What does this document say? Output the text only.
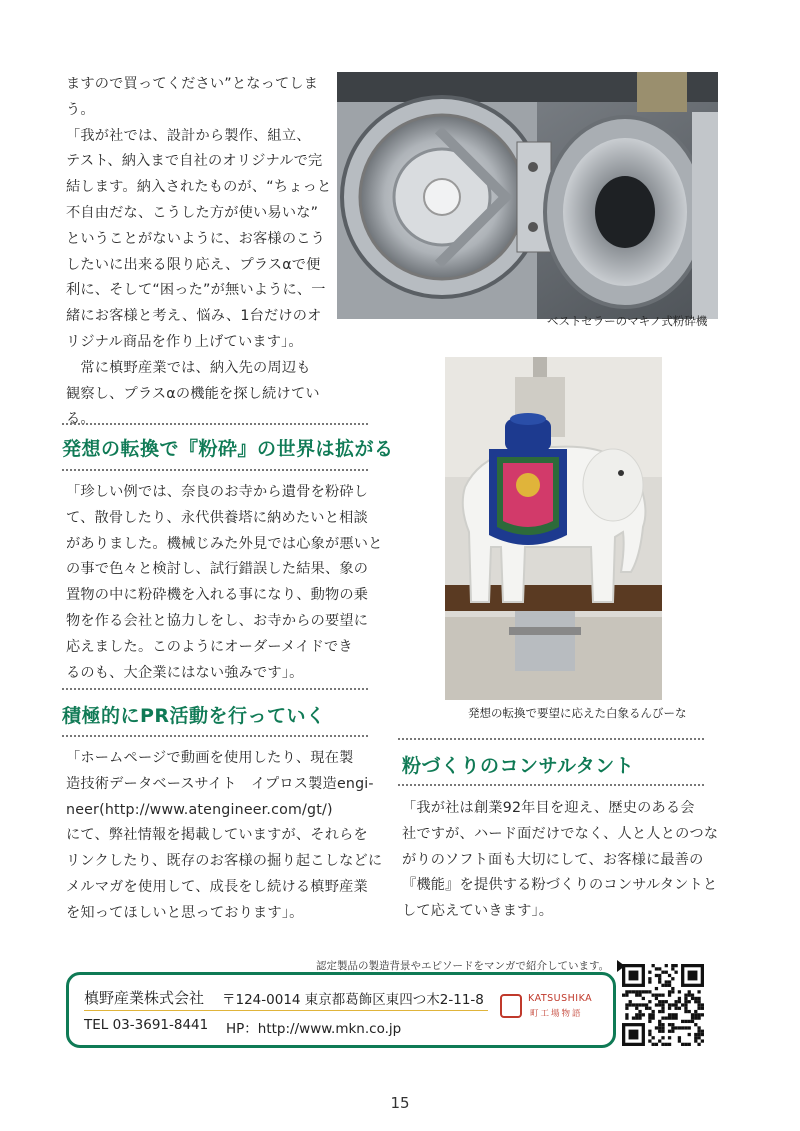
ますので買ってください”となってしま
う。
「我が社では、設計から製作、組立、
テスト、納入まで自社のオリジナルで完
結します。納入されたものが、“ちょっと
不自由だな、こうした方が使い易いな”
ということがないように、お客様のこう
したいに出来る限り応え、プラスαで便
利に、そして“困った”が無いように、一
緒にお客様と考え、悩み、1台だけのオ
リジナル商品を作り上げています」。
　常に槙野産業では、納入先の周辺も
観察し、プラスαの機能を探し続けてい
る。
発想の転換で『粉砕』の世界は拡がる
「珍しい例では、奈良のお寺から遺骨を粉砕し
て、散骨したり、永代供養塔に納めたいと相談
がありました。機械じみた外見では心象が悪いと
の事で色々と検討し、試行錯誤した結果、象の
置物の中に粉砕機を入れる事になり、動物の乗
物を作る会社と協力しをし、お寺からの要望に
応えました。このようにオーダーメイドでき
るのも、大企業にはない強みです」。
積極的にPR活動を行っていく
「ホームページで動画を使用したり、現在製
造技術データベースサイト　イプロス製造engi-
neer(http://www.atengineer.com/gt/)
にて、弊社情報を掲載していますが、それらを
リンクしたり、既存のお客様の掘り起こしなどに
メルマガを使用して、成長をし続ける槙野産業
を知ってほしいと思っております」。
ベストセラーのマキノ式粉砕機
発想の転換で要望に応えた白象るんびーな
粉づくりのコンサルタント
「我が社は創業92年目を迎え、歴史のある会
社ですが、ハード面だけでなく、人と人とのつな
がりのソフト面も大切にして、お客様に最善の
『機能』を提供する粉づくりのコンサルタントと
して応えていきます」。
認定製品の製造背景やエピソードをマンガで紹介しています。
槙野産業株式会社 〒124-0014 東京都葛飾区東四つ木2-11-8
TEL 03-3691-8441 HP：http://www.mkn.co.jp
KATSUSHIKA
町工場物語
15
